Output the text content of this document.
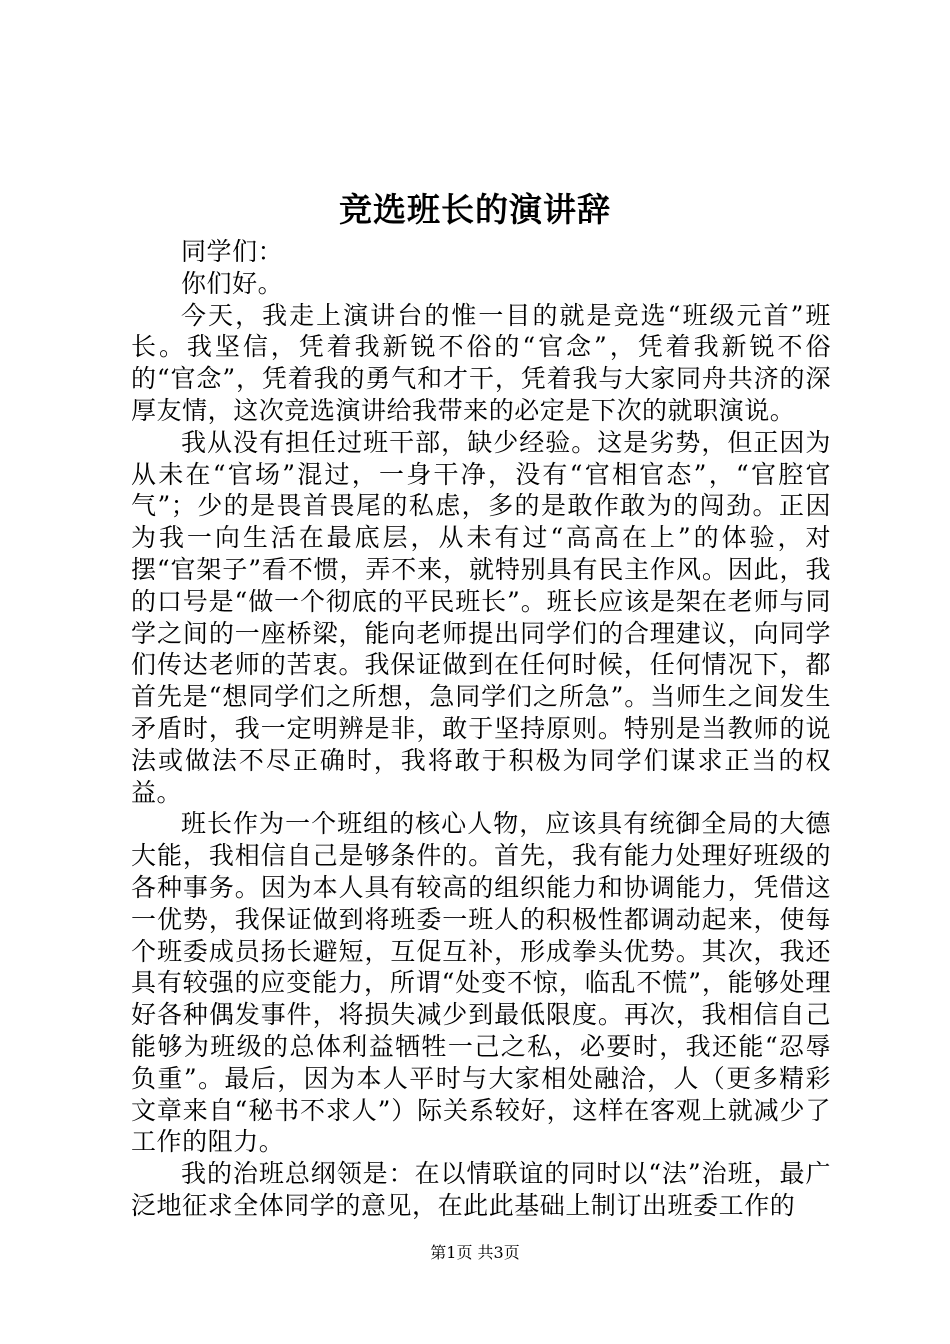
竞选班长的演讲辞

同学们：

你们好。

今天，我走上演讲台的惟一目的就是竞选“班级元首”班长。我坚信，凭着我新锐不俗的“官念”，凭着我新锐不俗的“官念”，凭着我的勇气和才干，凭着我与大家同舟共济的深厚友情，这次竞选演讲给我带来的必定是下次的就职演说。

我从没有担任过班干部，缺少经验。这是劣势，但正因为从未在“官场”混过，一身干净，没有“官相官态”，“官腔官气”；少的是畏首畏尾的私虑，多的是敢作敢为的闯劲。正因为我一向生活在最底层，从未有过“高高在上”的体验，对摆“官架子”看不惯，弄不来，就特别具有民主作风。因此，我的口号是“做一个彻底的平民班长”。班长应该是架在老师与同学之间的一座桥梁，能向老师提出同学们的合理建议，向同学们传达老师的苦衷。我保证做到在任何时候，任何情况下，都首先是“想同学们之所想，急同学们之所急”。当师生之间发生矛盾时，我一定明辨是非，敢于坚持原则。特别是当教师的说法或做法不尽正确时，我将敢于积极为同学们谋求正当的权益。

班长作为一个班组的核心人物，应该具有统御全局的大德大能，我相信自己是够条件的。首先，我有能力处理好班级的各种事务。因为本人具有较高的组织能力和协调能力，凭借这一优势，我保证做到将班委一班人的积极性都调动起来，使每个班委成员扬长避短，互促互补，形成拳头优势。其次，我还具有较强的应变能力，所谓“处变不惊，临乱不慌”，能够处理好各种偶发事件，将损失减少到最低限度。再次，我相信自己能够为班级的总体利益牺牲一己之私，必要时，我还能“忍辱负重”。最后，因为本人平时与大家相处融洽，人（更多精彩文章来自“秘书不求人”）际关系较好，这样在客观上就减少了工作的阻力。

我的治班总纲领是：在以情联谊的同时以“法”治班，最广泛地征求全体同学的意见，在此此基础上制订出班委工作的

第1页 共3页
